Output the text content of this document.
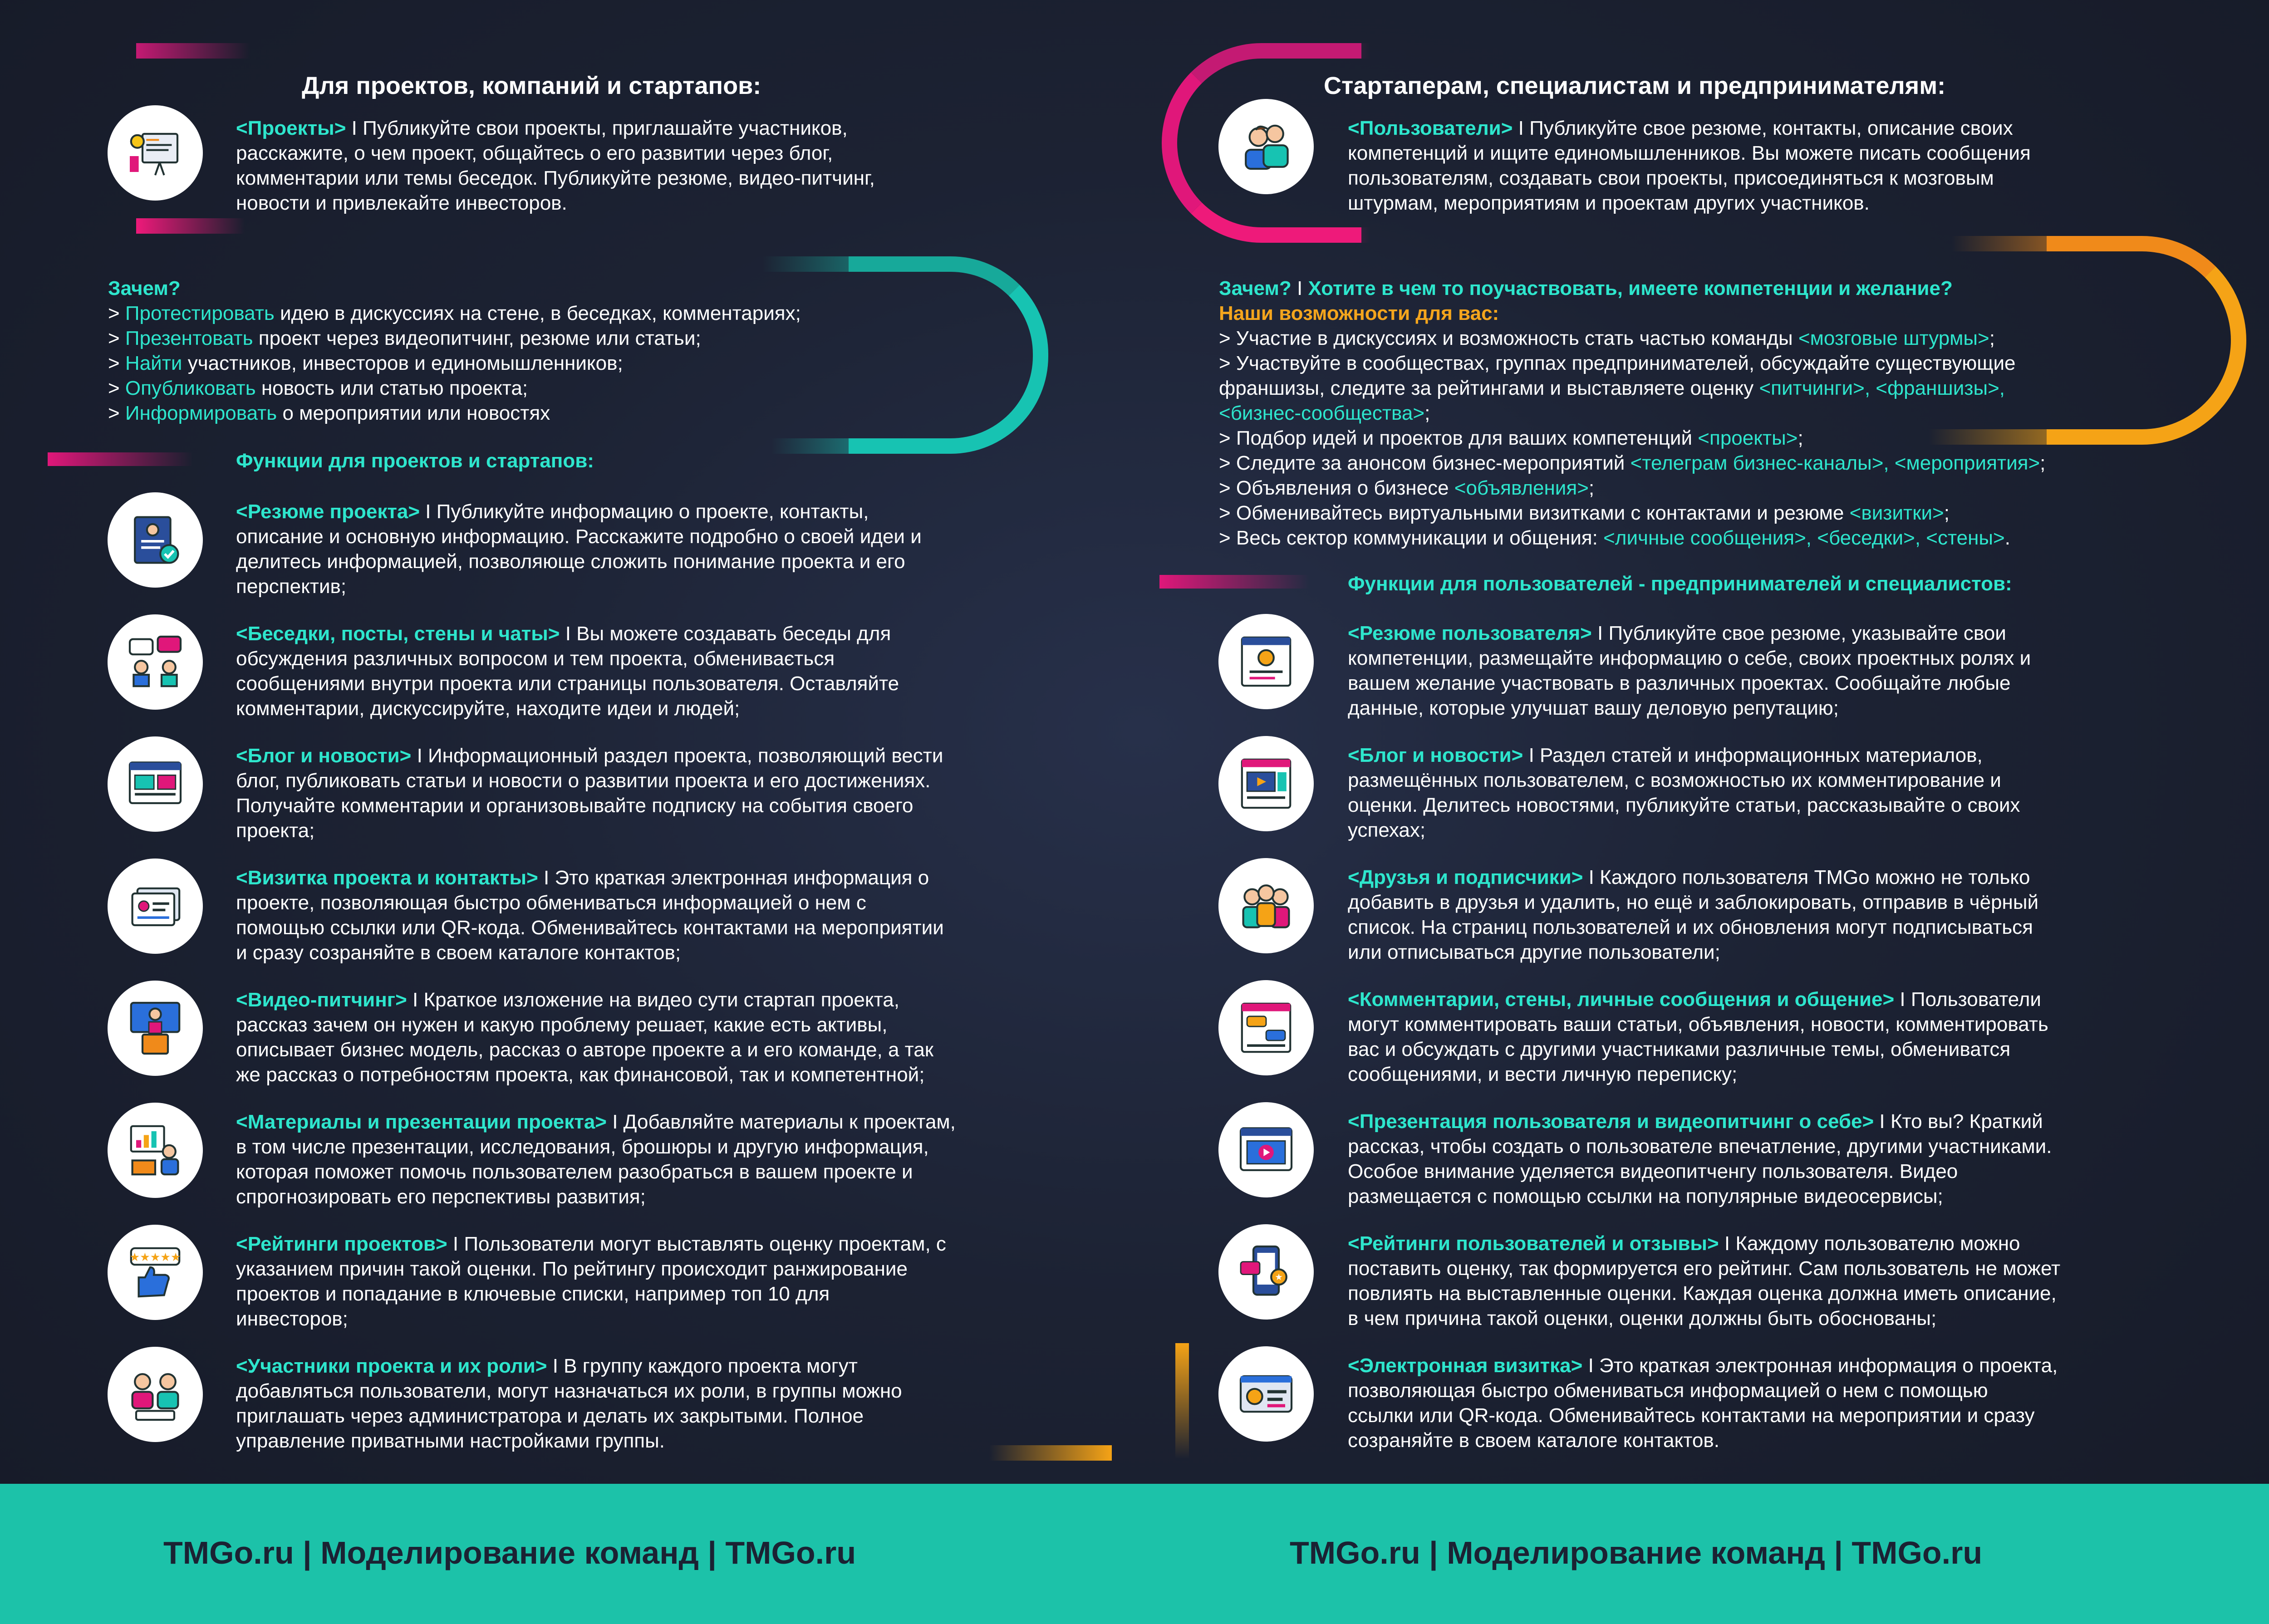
Для проектов, компаний и стартапов:
<Проекты> I Публикуйте свои проекты, приглашайте участников,
расскажите, о чем проект, общайтесь о его развитии через блог,
комментарии или темы беседок. Публикуйте резюме, видео-питчинг,
новости и привлекайте инвесторов.
Зачем?
> Протестировать идею в дискуссиях на стене, в беседках, комментариях;
> Презентовать проект через видеопитчинг, резюме или статьи;
> Найти участников, инвесторов и единомышленников;
> Опубликовать новость или статью проекта;
> Информировать о мероприятии или новостях
Функции для проектов и стартапов:
<Резюме проекта> I Публикуйте информацию о проекте, контакты,
описание и основную информацию. Расскажите подробно о своей идеи и
делитесь информацией, позволяюще сложить понимание проекта и его
перспектив;
<Беседки, посты, стены и чаты> I Вы можете создавать беседы для
обсуждения различных вопросом и тем проекта, обменивається
сообщениями внутри проекта или страницы пользователя. Оставляйте
комментарии, дискуссируйте, находите идеи и людей;
<Блог и новости> I Информационный раздел проекта, позволяющий вести
блог, публиковать статьи и новости о развитии проекта и его достижениях.
Получайте комментарии и организовывайте подписку на события своего
проекта;
<Визитка проекта и контакты> I Это краткая электронная информация о
проекте, позволяющая быстро обмениваться информацией о нем с
помощью ссылки или QR-кода. Обменивайтесь контактами на мероприятии
и сразу созраняйте в своем каталоге контактов;
<Видео-питчинг> I Краткое изложение на видео сути стартап проекта,
рассказ зачем он нужен и какую проблему решает, какие есть активы,
описывает бизнес модель, рассказ о авторе проекте а и его команде, а так
же рассказ о потребностям проекта, как финансовой, так и компетентной;
<Материалы и презентации проекта> I Добавляйте материалы к проектам,
в том числе презентации, исследования, брошюры и другую информация,
которая поможет помочь пользователем разобраться в вашем проекте и
спрогнозировать его перспективы развития;
★★★★★
<Рейтинги проектов> I Пользователи могут выставлять оценку проектам, с
указанием причин такой оценки. По рейтингу происходит ранжирование
проектов и попадание в ключевые списки, например топ 10 для
инвесторов;
<Участники проекта и их роли> I В группу каждого проекта могут
добавляться пользователи, могут назначаться их роли, в группы можно
приглашать через администратора и делать их закрытыми. Полное
управление приватными настройками группы.
Стартаперам, специалистам и предпринимателям:
<Пользователи> I Публикуйте свое резюме, контакты, описание своих
компетенций и ищите единомышленников. Вы можете писать сообщения
пользователям, создавать свои проекты, присоединяться к мозговым
штурмам, мероприятиям и проектам других участников.
Зачем? I Хотите в чем то поучаствовать, имеете компетенции и желание?
Наши возможности для вас:
> Участие в дискуссиях и возможность стать частью команды <мозговые штурмы>;
> Участвуйте в сообществах, группах предпринимателей, обсуждайте существующие
франшизы, следите за рейтингами и выставляете оценку <питчинги>, <франшизы>,
<бизнес-сообщества>;
> Подбор идей и проектов для ваших компетенций <проекты>;
> Следите за анонсом бизнес-мероприятий <телеграм бизнес-каналы>, <мероприятия>;
> Объявления о бизнесе <объявления>;
> Обменивайтесь виртуальными визитками с контактами и резюме <визитки>;
> Весь сектор коммуникации и общения: <личные сообщения>, <беседки>, <стены>.
Функции для пользователей - предпринимателей и специалистов:
<Резюме пользователя> I Публикуйте свое резюме, указывайте свои
компетенции, размещайте информацию о себе, своих проектных ролях и
вашем желание участвовать в различных проектах. Сообщайте любые
данные, которые улучшат вашу деловую репутацию;
<Блог и новости> I Раздел статей и информационных материалов,
размещённых пользователем, с возможностью их комментирование и
оценки. Делитесь новостями, публикуйте статьи, рассказывайте о своих
успехах;
<Друзья и подписчики> I Каждого пользователя TMGo можно не только
добавить в друзья и удалить, но ещё и заблокировать, отправив в чёрный
список. На страниц пользователей и их обновления могут подписываться
или отписываться другие пользователи;
<Комментарии, стены, личные сообщения и общение> I Пользователи
могут комментировать ваши статьи, объявления, новости, комментировать
вас и обсуждать с другими участниками различные темы, обмениватся
сообщениями, и вести личную переписку;
<Презентация пользователя и видеопитчинг о себе> I Кто вы? Краткий
рассказ, чтобы создать о пользователе впечатление, другими участниками.
Особое внимание уделяется видеопитченгу пользователя. Видео
размещается с помощью ссылки на популярные видеосервисы;
★
<Рейтинги пользователей и отзывы> I Каждому пользователю можно
поставить оценку, так формируется его рейтинг. Сам пользователь не может
повлиять на выставленные оценки. Каждая оценка должна иметь описание,
в чем причина такой оценки, оценки должны быть обоснованы;
<Электронная визитка> I Это краткая электронная информация о проекта,
позволяющая быстро обмениваться информацией о нем с помощью
ссылки или QR-кода. Обменивайтесь контактами на мероприятии и сразу
созраняйте в своем каталоге контактов.
TMGo.ru | Моделирование команд | TMGo.ru	TMGo.ru | Моделирование команд | TMGo.ru
